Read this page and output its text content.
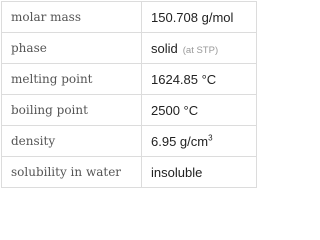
molar mass	150.708 g/mol
phase	solid (at STP)
melting point	1624.85 °C
boiling point	2500 °C
density	6.95 $g/cm^3$
solubility in water	insoluble
